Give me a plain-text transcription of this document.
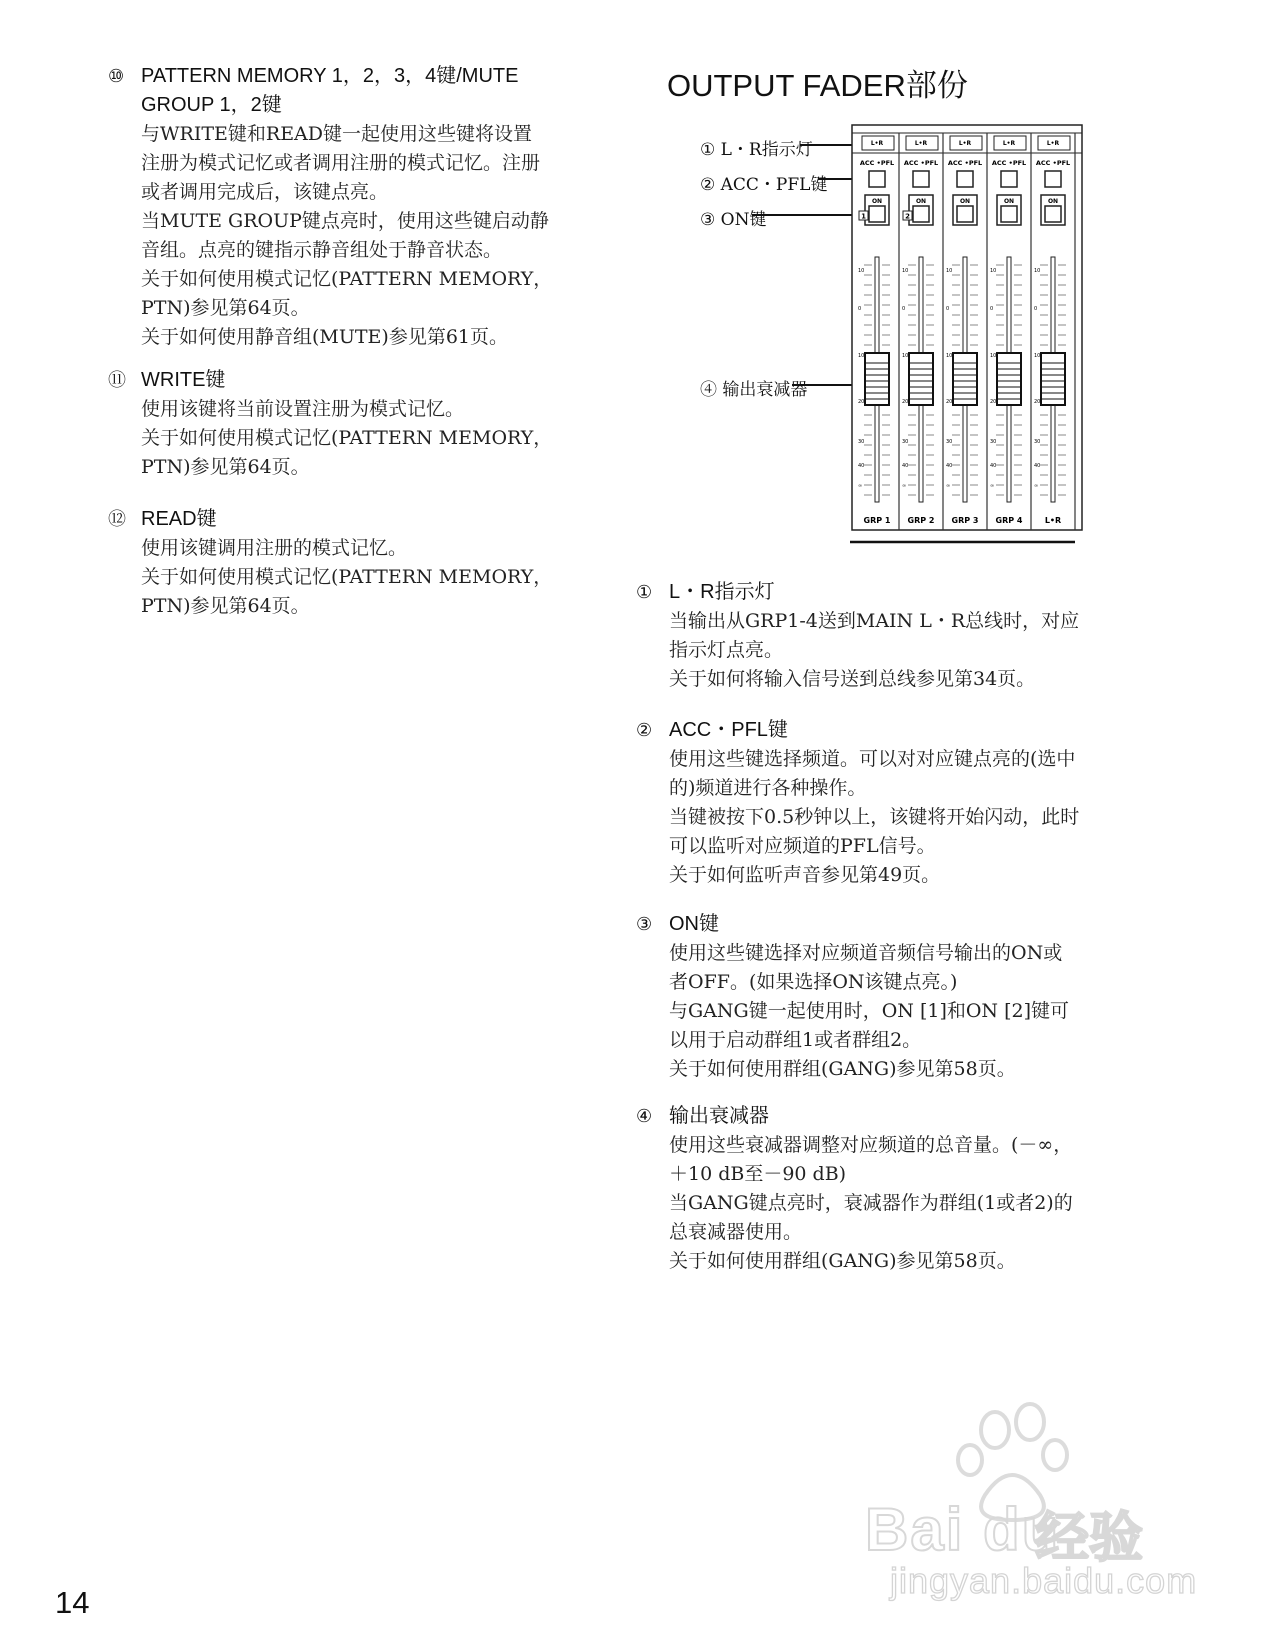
⑩ PATTERN MEMORY 1，2，3，4键/MUTE
GROUP 1，2键
与WRITE键和READ键一起使用这些键将设置
注册为模式记忆或者调用注册的模式记忆。注册
或者调用完成后，该键点亮。
当MUTE GROUP键点亮时，使用这些键启动静
音组。点亮的键指示静音组处于静音状态。
关于如何使用模式记忆(PATTERN MEMORY，
PTN)参见第64页。
关于如何使用静音组(MUTE)参见第61页。
⑪ WRITE键
使用该键将当前设置注册为模式记忆。
关于如何使用模式记忆(PATTERN MEMORY，
PTN)参见第64页。
⑫ READ键
使用该键调用注册的模式记忆。
关于如何使用模式记忆(PATTERN MEMORY，
PTN)参见第64页。
OUTPUT FADER部份
① L・R指示灯
② ACC・PFL键
③ ON键
④ 输出衰减器
L•R
ACC •PFL
ON
10
0
10
20
30
40
∞
GRP 1
L•R
ACC •PFL
ON
10
0
10
20
30
40
∞
GRP 2
L•R
ACC •PFL
ON
10
0
10
20
30
40
∞
GRP 3
L•R
ACC •PFL
ON
10
0
10
20
30
40
∞
GRP 4
L•R
ACC •PFL
ON
10
0
10
20
30
40
∞
L•R
1	2
① L・R指示灯
当输出从GRP1-4送到MAIN L・R总线时，对应
指示灯点亮。
关于如何将输入信号送到总线参见第34页。
② ACC・PFL键
使用这些键选择频道。可以对对应键点亮的(选中
的)频道进行各种操作。
当键被按下0.5秒钟以上，该键将开始闪动，此时
可以监听对应频道的PFL信号。
关于如何监听声音参见第49页。
③ ON键
使用这些键选择对应频道音频信号输出的ON或
者OFF。(如果选择ON该键点亮。)
与GANG键一起使用时，ON [1]和ON [2]键可
以用于启动群组1或者群组2。
关于如何使用群组(GANG)参见第58页。
④ 输出衰减器
使用这些衰减器调整对应频道的总音量。(－∞，
＋10 dB至－90 dB)
当GANG键点亮时，衰减器作为群组(1或者2)的
总衰减器使用。
关于如何使用群组(GANG)参见第58页。
Bai du
经验
jingyan.baidu.com
14
